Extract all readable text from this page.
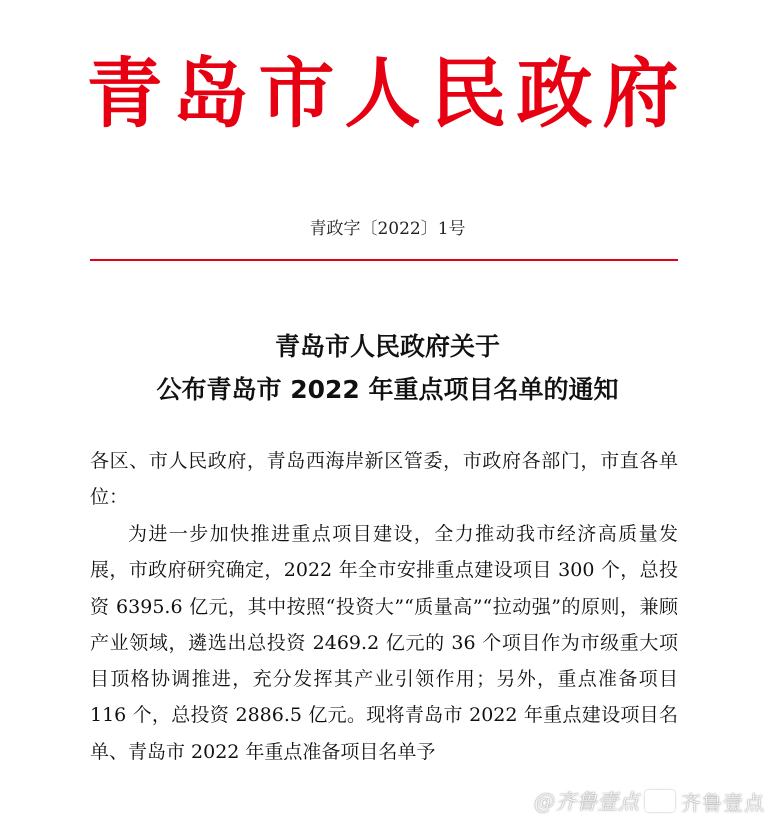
青岛市人民政府
青政字〔2022〕1号
青岛市人民政府关于
公布青岛市 2022 年重点项目名单的通知
各区、市人民政府，青岛西海岸新区管委，市政府各部门，市直各单位：
为进一步加快推进重点项目建设，全力推动我市经济高质量发展，市政府研究确定，2022 年全市安排重点建设项目 300 个，总投资 6395.6 亿元，其中按照“投资大”“质量高”“拉动强”的原则，兼顾产业领域，遴选出总投资 2469.2 亿元的 36 个项目作为市级重大项目顶格协调推进，充分发挥其产业引领作用；另外，重点准备项目 116 个，总投资 2886.5 亿元。现将青岛市 2022 年重点建设项目名单、青岛市 2022 年重点准备项目名单予
@齐鲁壹点 齐鲁壹点
